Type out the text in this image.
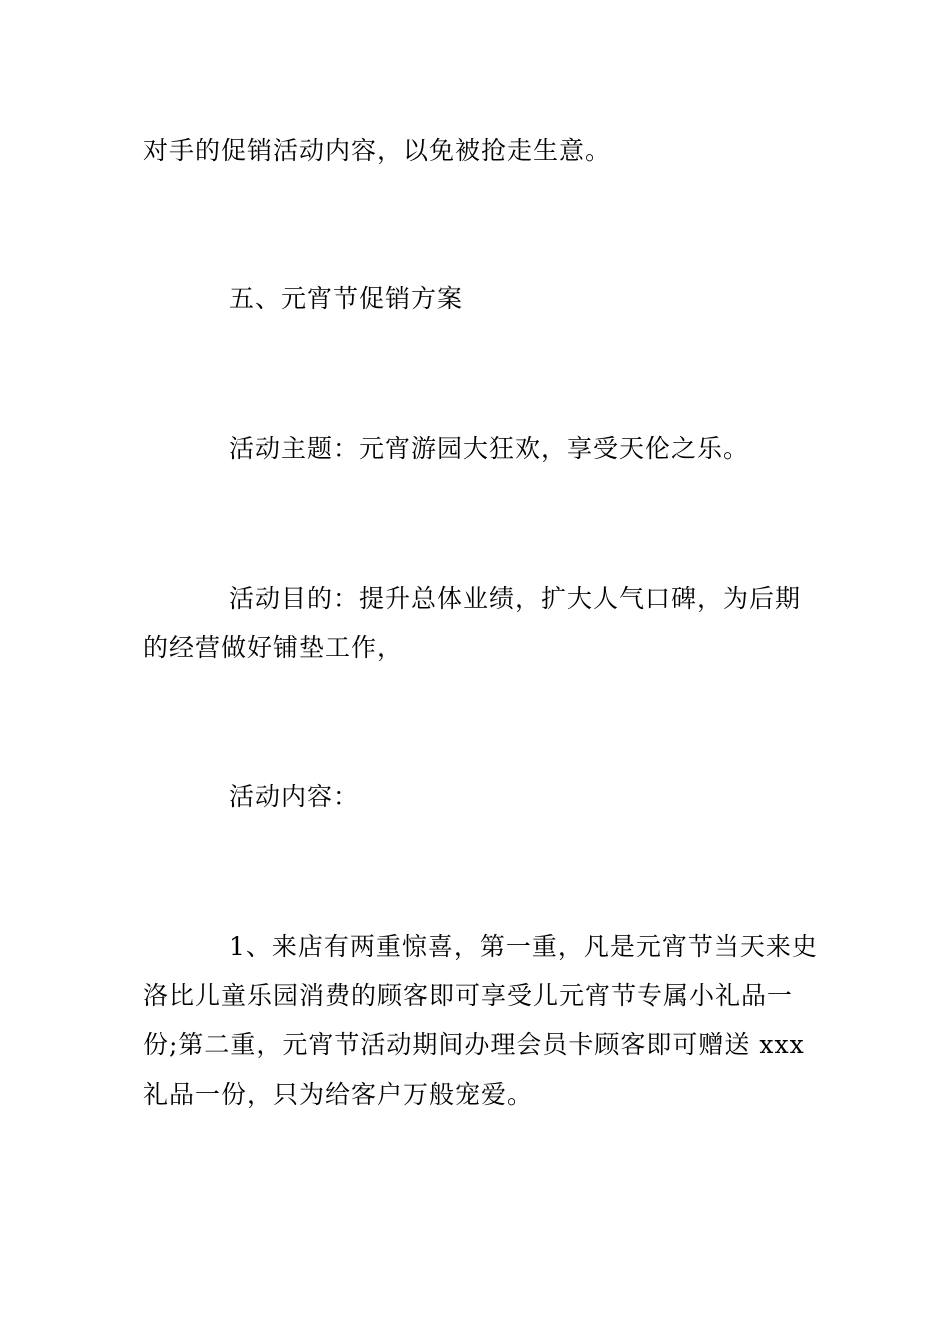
对手的促销活动内容，以免被抢走生意。
五、元宵节促销方案
活动主题：元宵游园大狂欢，享受天伦之乐。
活动目的：提升总体业绩，扩大人气口碑，为后期
的经营做好铺垫工作，
活动内容：
1、来店有两重惊喜，第一重，凡是元宵节当天来史
洛比儿童乐园消费的顾客即可享受儿元宵节专属小礼品一
份;第二重，元宵节活动期间办理会员卡顾客即可赠送 xxx
礼品一份，只为给客户万般宠爱。
